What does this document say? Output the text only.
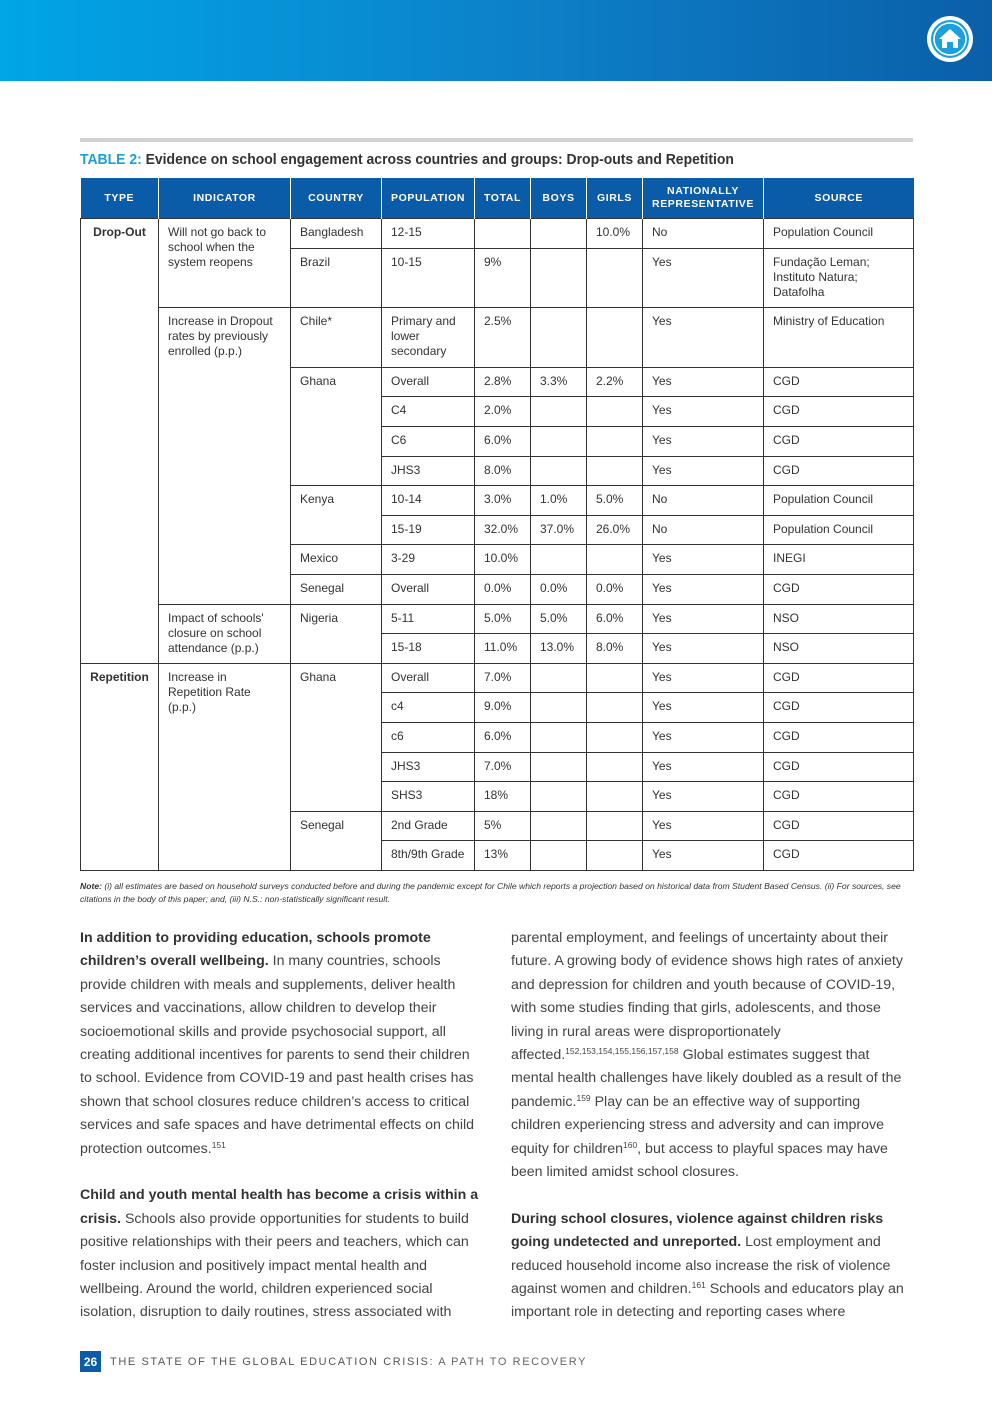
TABLE 2: Evidence on school engagement across countries and groups: Drop-outs and Repetition
TYPE	INDICATOR	COUNTRY	POPULATION	TOTAL	BOYS	GIRLS	NATIONALLY REPRESENTATIVE	SOURCE
Drop-Out	Will not go back to school when the system reopens	Bangladesh	12-15			10.0%	No	Population Council
		Brazil	10-15	9%			Yes	Fundação Leman; Instituto Natura; Datafolha
	Increase in Dropout rates by previously enrolled (p.p.)	Chile*	Primary and lower secondary	2.5%			Yes	Ministry of Education
		Ghana	Overall	2.8%	3.3%	2.2%	Yes	CGD
			C4	2.0%			Yes	CGD
			C6	6.0%			Yes	CGD
			JHS3	8.0%			Yes	CGD
		Kenya	10-14	3.0%	1.0%	5.0%	No	Population Council
			15-19	32.0%	37.0%	26.0%	No	Population Council
		Mexico	3-29	10.0%			Yes	INEGI
		Senegal	Overall	0.0%	0.0%	0.0%	Yes	CGD
	Impact of schools' closure on school attendance (p.p.)	Nigeria	5-11	5.0%	5.0%	6.0%	Yes	NSO
			15-18	11.0%	13.0%	8.0%	Yes	NSO
Repetition	Increase in Repetition Rate (p.p.)	Ghana	Overall	7.0%			Yes	CGD
			c4	9.0%			Yes	CGD
			c6	6.0%			Yes	CGD
			JHS3	7.0%			Yes	CGD
			SHS3	18%			Yes	CGD
		Senegal	2nd Grade	5%			Yes	CGD
			8th/9th Grade	13%			Yes	CGD
Note: (i) all estimates are based on household surveys conducted before and during the pandemic except for Chile which reports a projection based on historical data from Student Based Census. (ii) For sources, see citations in the body of this paper; and, (iii) N.S.: non-statistically significant result.

In addition to providing education, schools promote children’s overall wellbeing. In many countries, schools provide children with meals and supplements, deliver health services and vaccinations, allow children to develop their socioemotional skills and provide psychosocial support, all creating additional incentives for parents to send their children to school. Evidence from COVID-19 and past health crises has shown that school closures reduce children’s access to critical services and safe spaces and have detrimental effects on child protection outcomes.$^{151}$

Child and youth mental health has become a crisis within a crisis. Schools also provide opportunities for students to build positive relationships with their peers and teachers, which can foster inclusion and positively impact mental health and wellbeing. Around the world, children experienced social isolation, disruption to daily routines, stress associated with

parental employment, and feelings of uncertainty about their future. A growing body of evidence shows high rates of anxiety and depression for children and youth because of COVID-19, with some studies finding that girls, adolescents, and those living in rural areas were disproportionately affected.$^{152,153,154,155,156,157,158}$ Global estimates suggest that mental health challenges have likely doubled as a result of the pandemic.$^{159}$ Play can be an effective way of supporting children experiencing stress and adversity and can improve equity for children$^{160}$, but access to playful spaces may have been limited amidst school closures.

During school closures, violence against children risks going undetected and unreported. Lost employment and reduced household income also increase the risk of violence against women and children.$^{161}$ Schools and educators play an important role in detecting and reporting cases where

26	THE STATE OF THE GLOBAL EDUCATION CRISIS: A PATH TO RECOVERY
